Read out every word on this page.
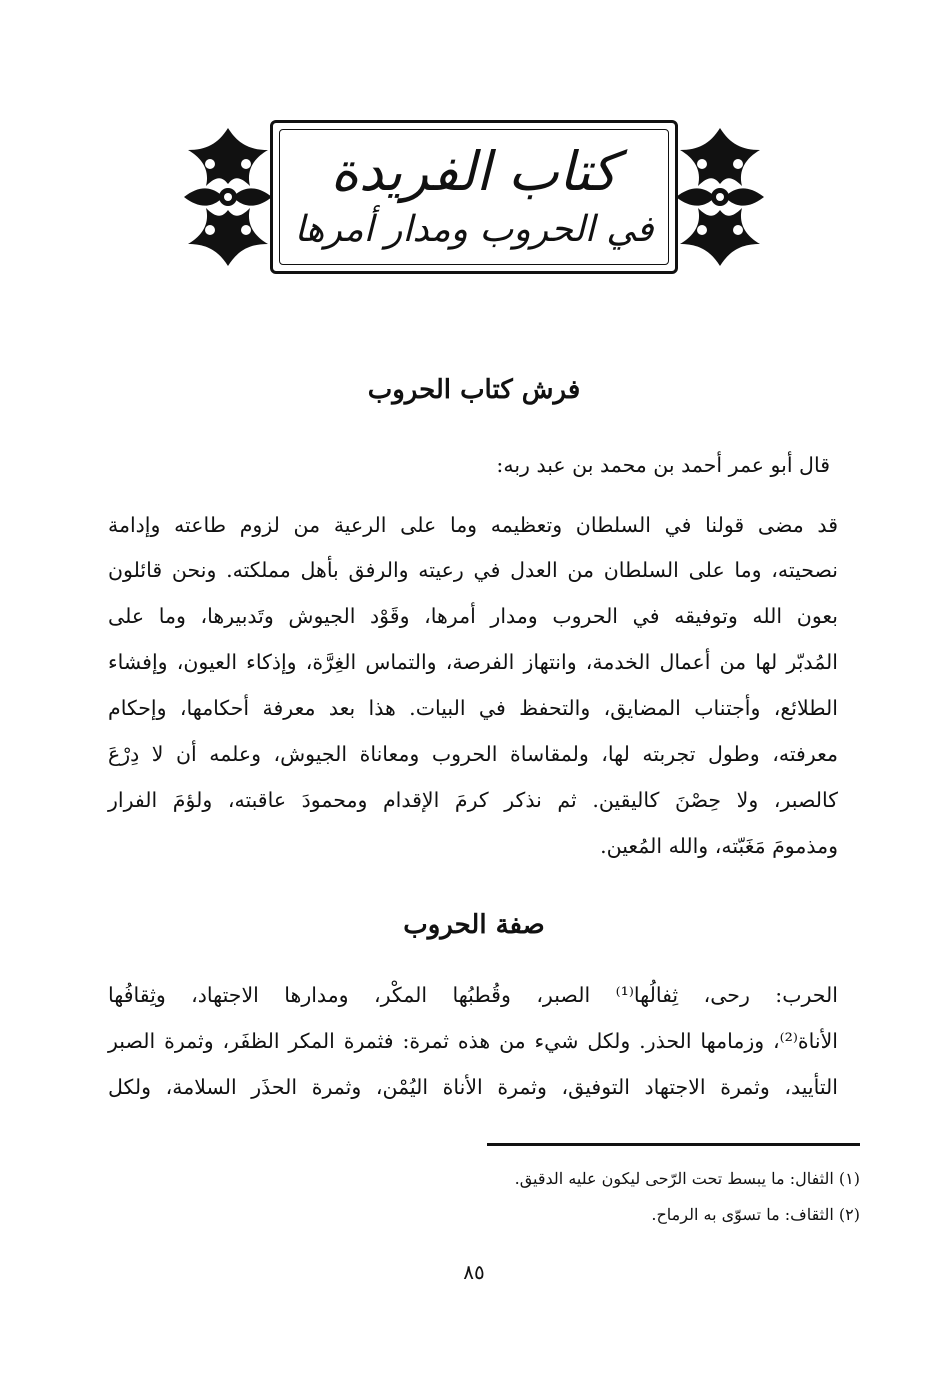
كتاب الفريدة
في الحروب ومدار أمرها
فرش كتاب الحروب
قال أبو عمر أحمد بن محمد بن عبد ربه:
قد مضى قولنا في السلطان وتعظيمه وما على الرعية من لزوم طاعته وإدامة
نصحيته، وما على السلطان من العدل في رعيته والرفق بأهل مملكته. ونحن قائلون
بعون الله وتوفيقه في الحروب ومدار أمرها، وقَوْد الجيوش وتَدبيرها، وما على
المُدبّر لها من أعمال الخدمة، وانتهاز الفرصة، والتماس الغِرَّة، وإذكاء العيون، وإفشاء
الطلائع، وأجتناب المضايق، والتحفظ في البيات. هذا بعد معرفة أحكامها، وإحكام
معرفته، وطول تجربته لها، ولمقاساة الحروب ومعاناة الجيوش، وعلمه أن لا دِرْعَ
كالصبر، ولا حِصْنَ كاليقين. ثم نذكر كرمَ الإقدام ومحمودَ عاقبته، ولؤمَ الفرار
ومذمومَ مَغَبّته، والله المُعين.
صفة الحروب
الحرب: رحى، ثِفالُها⁽¹⁾ الصبر، وقُطبُها المكْر، ومدارها الاجتهاد، وثِقافُها
الأناة⁽²⁾، وزمامها الحذر. ولكل شيء من هذه ثمرة: فثمرة المكر الظفَر، وثمرة الصبر
التأييد، وثمرة الاجتهاد التوفيق، وثمرة الأناة اليُمْن، وثمرة الحذَر السلامة، ولكل
(١) الثفال: ما يبسط تحت الرّحى ليكون عليه الدقيق.
(٢) الثقاف: ما تسوّى به الرماح.
٨٥
